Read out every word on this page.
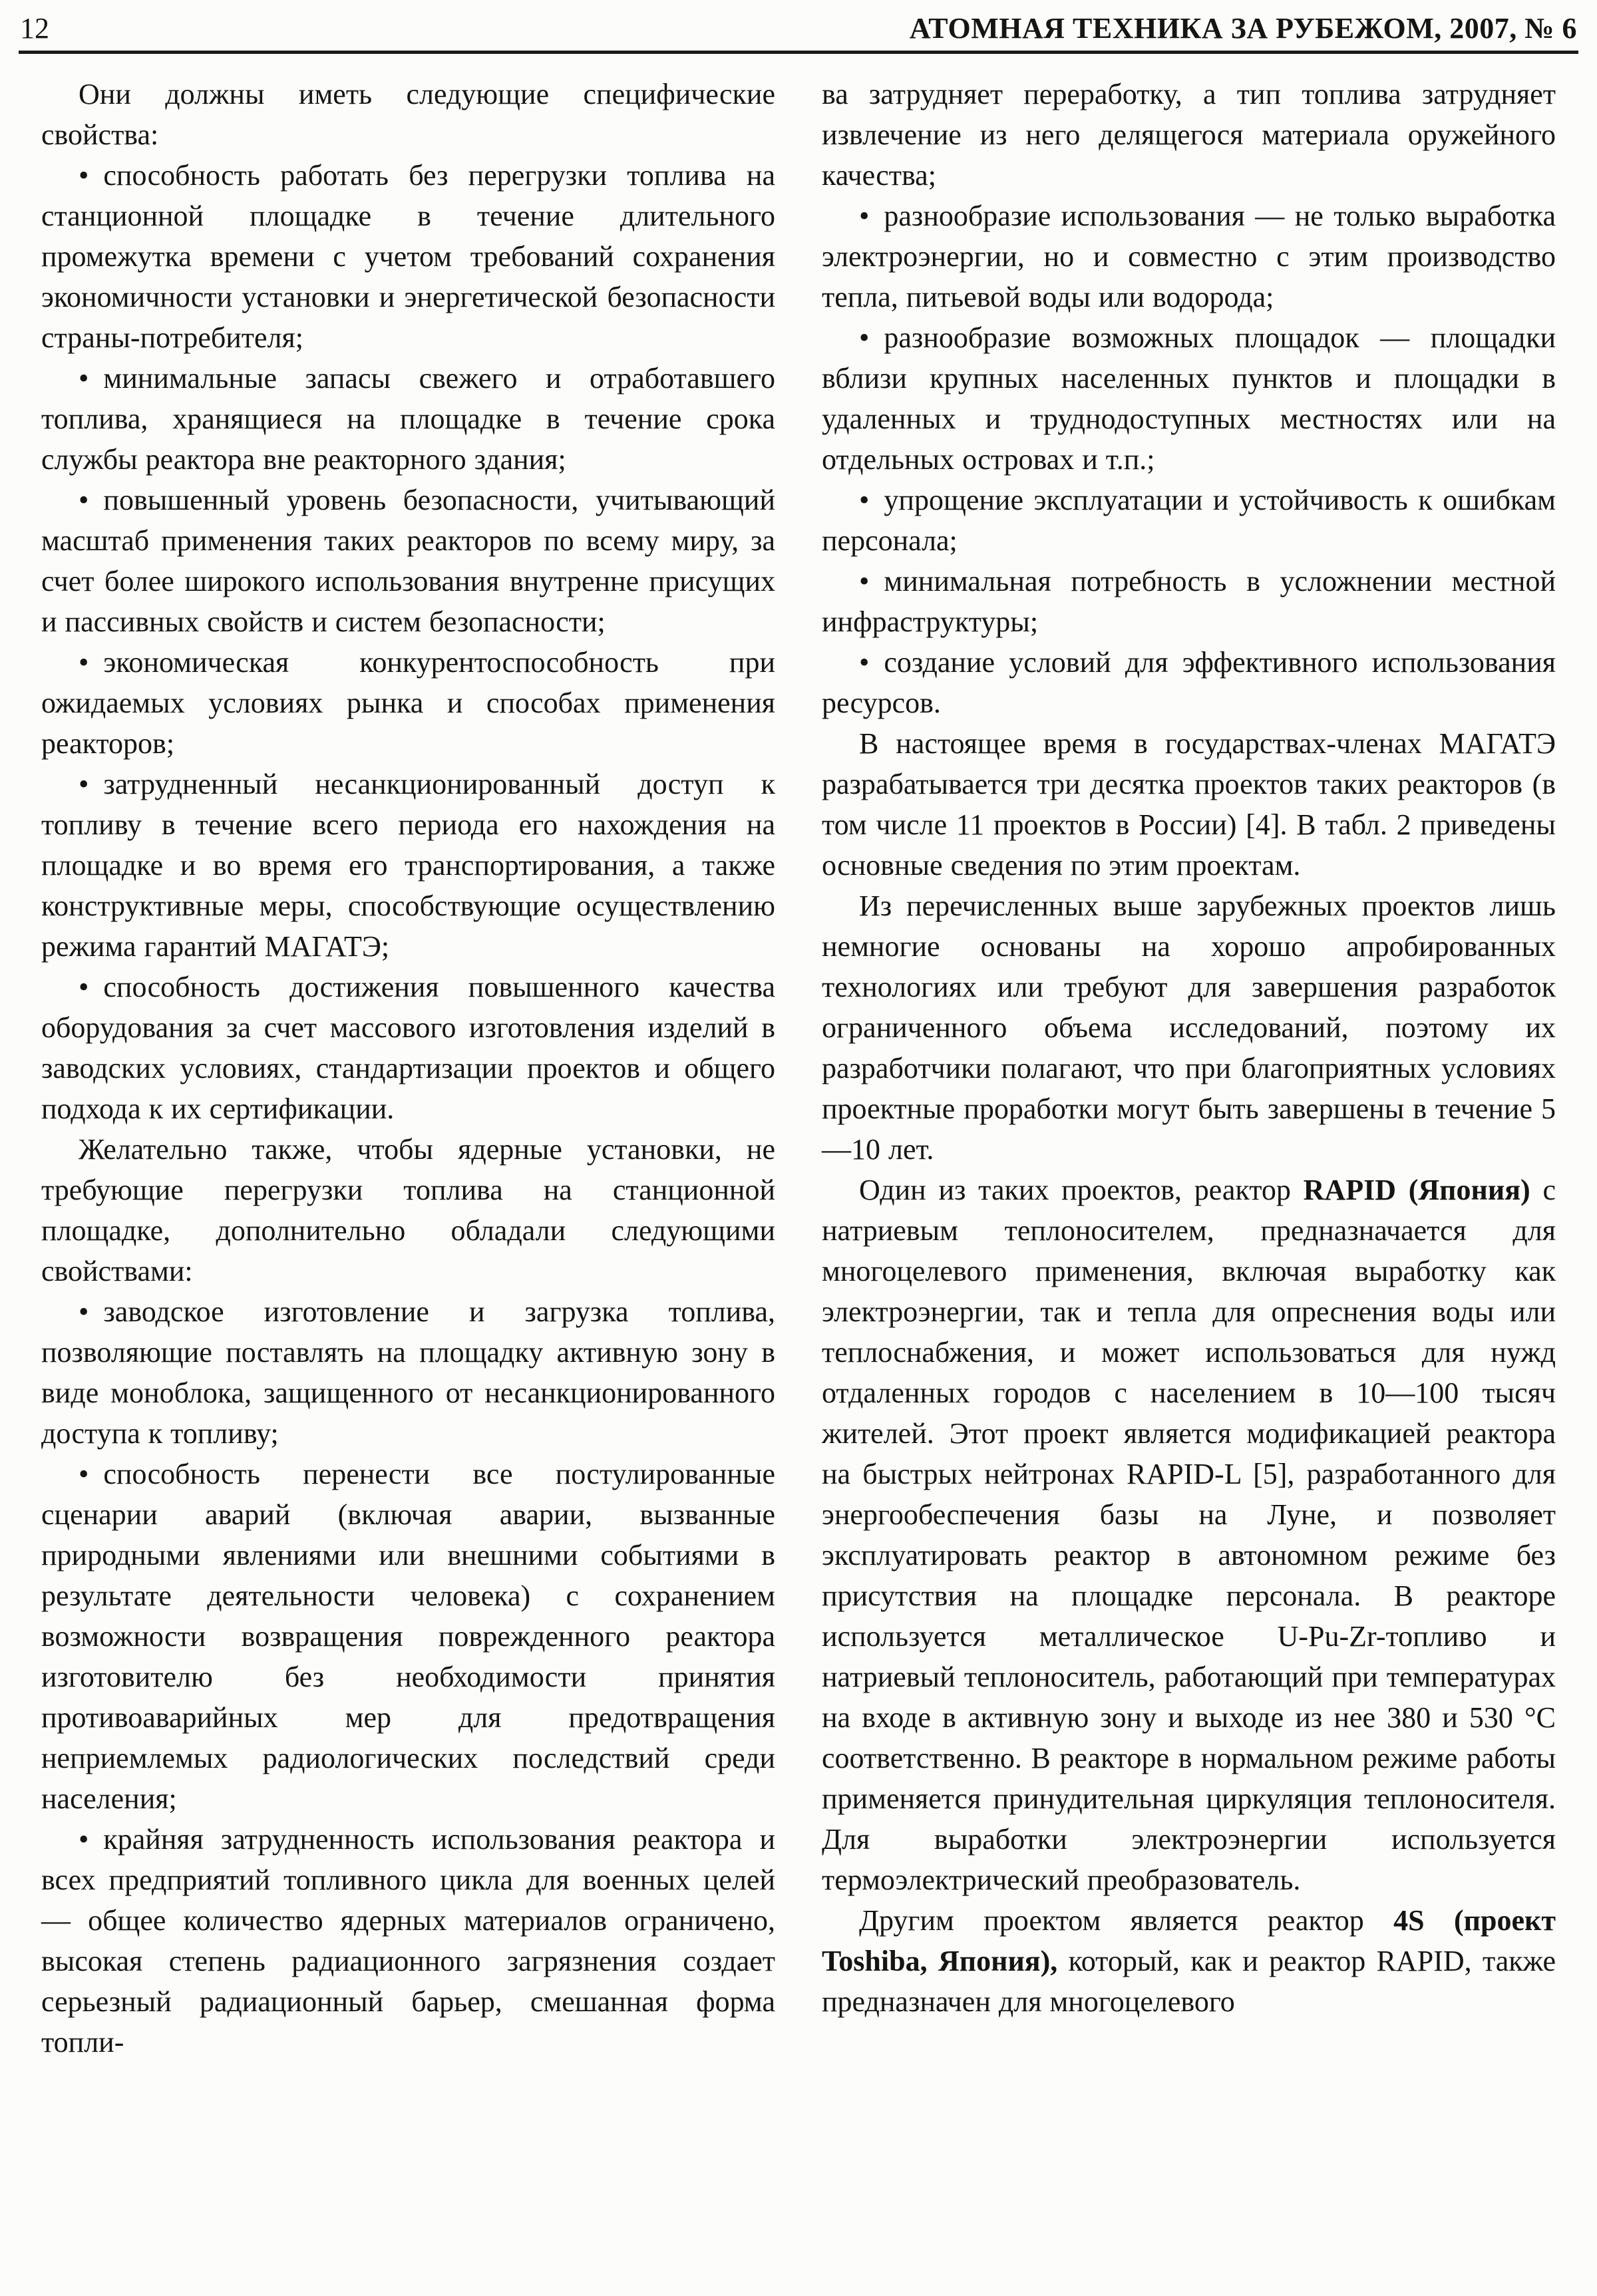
12	АТОМНАЯ ТЕХНИКА ЗА РУБЕЖОМ, 2007, № 6

Они должны иметь следующие специфические свойства:

• способность работать без перегрузки топлива на станционной площадке в течение длительного промежутка времени с учетом требований сохранения экономичности установки и энергетической безопасности страны-потребителя;

• минимальные запасы свежего и отработавшего топлива, хранящиеся на площадке в течение срока службы реактора вне реакторного здания;

• повышенный уровень безопасности, учитывающий масштаб применения таких реакторов по всему миру, за счет более широкого использования внутренне присущих и пассивных свойств и систем безопасности;

• экономическая конкурентоспособность при ожидаемых условиях рынка и способах применения реакторов;

• затрудненный несанкционированный доступ к топливу в течение всего периода его нахождения на площадке и во время его транспортирования, а также конструктивные меры, способствующие осуществлению режима гарантий МАГАТЭ;

• способность достижения повышенного качества оборудования за счет массового изготовления изделий в заводских условиях, стандартизации проектов и общего подхода к их сертификации.

Желательно также, чтобы ядерные установки, не требующие перегрузки топлива на станционной площадке, дополнительно обладали следующими свойствами:

• заводское изготовление и загрузка топлива, позволяющие поставлять на площадку активную зону в виде моноблока, защищенного от несанкционированного доступа к топливу;

• способность перенести все постулированные сценарии аварий (включая аварии, вызванные природными явлениями или внешними событиями в результате деятельности человека) с сохранением возможности возвращения поврежденного реактора изготовителю без необходимости принятия противоаварийных мер для предотвращения неприемлемых радиологических последствий среди населения;

• крайняя затрудненность использования реактора и всех предприятий топливного цикла для военных целей — общее количество ядерных материалов ограничено, высокая степень радиационного загрязнения создает серьезный радиационный барьер, смешанная форма топли-

ва затрудняет переработку, а тип топлива затрудняет извлечение из него делящегося материала оружейного качества;

• разнообразие использования — не только выработка электроэнергии, но и совместно с этим производство тепла, питьевой воды или водорода;

• разнообразие возможных площадок — площадки вблизи крупных населенных пунктов и площадки в удаленных и труднодоступных местностях или на отдельных островах и т.п.;

• упрощение эксплуатации и устойчивость к ошибкам персонала;

• минимальная потребность в усложнении местной инфраструктуры;

• создание условий для эффективного использования ресурсов.

В настоящее время в государствах-членах МАГАТЭ разрабатывается три десятка проектов таких реакторов (в том числе 11 проектов в России) [4]. В табл. 2 приведены основные сведения по этим проектам.

Из перечисленных выше зарубежных проектов лишь немногие основаны на хорошо апробированных технологиях или требуют для завершения разработок ограниченного объема исследований, поэтому их разработчики полагают, что при благоприятных условиях проектные проработки могут быть завершены в течение 5—10 лет.

Один из таких проектов, реактор RAPID (Япония) с натриевым теплоносителем, предназначается для многоцелевого применения, включая выработку как электроэнергии, так и тепла для опреснения воды или теплоснабжения, и может использоваться для нужд отдаленных городов с населением в 10—100 тысяч жителей. Этот проект является модификацией реактора на быстрых нейтронах RAPID-L [5], разработанного для энергообеспечения базы на Луне, и позволяет эксплуатировать реактор в автономном режиме без присутствия на площадке персонала. В реакторе используется металлическое U-Pu-Zr-топливо и натриевый теплоноситель, работающий при температурах на входе в активную зону и выходе из нее 380 и 530 °С соответственно. В реакторе в нормальном режиме работы применяется принудительная циркуляция теплоносителя. Для выработки электроэнергии используется термоэлектрический преобразователь.

Другим проектом является реактор 4S (проект Toshiba, Япония), который, как и реактор RAPID, также предназначен для многоцелевого
